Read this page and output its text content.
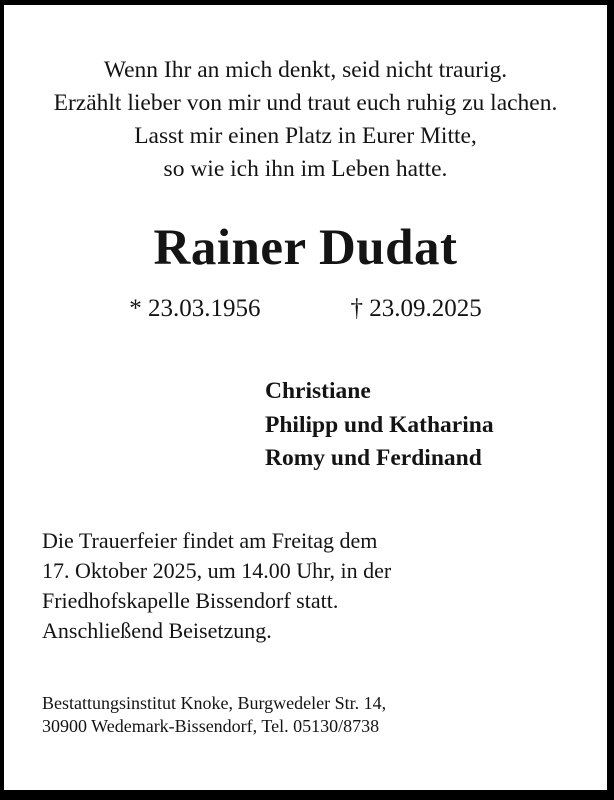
Wenn Ihr an mich denkt, seid nicht traurig.
Erzählt lieber von mir und traut euch ruhig zu lachen.
Lasst mir einen Platz in Eurer Mitte,
so wie ich ihn im Leben hatte.
Rainer Dudat
* 23.03.1956	† 23.09.2025
Christiane
Philipp und Katharina
Romy und Ferdinand
Die Trauerfeier findet am Freitag dem
17. Oktober 2025, um 14.00 Uhr, in der
Friedhofskapelle Bissendorf statt.
Anschließend Beisetzung.
Bestattungsinstitut Knoke, Burgwedeler Str. 14,
30900 Wedemark-Bissendorf, Tel. 05130/8738
